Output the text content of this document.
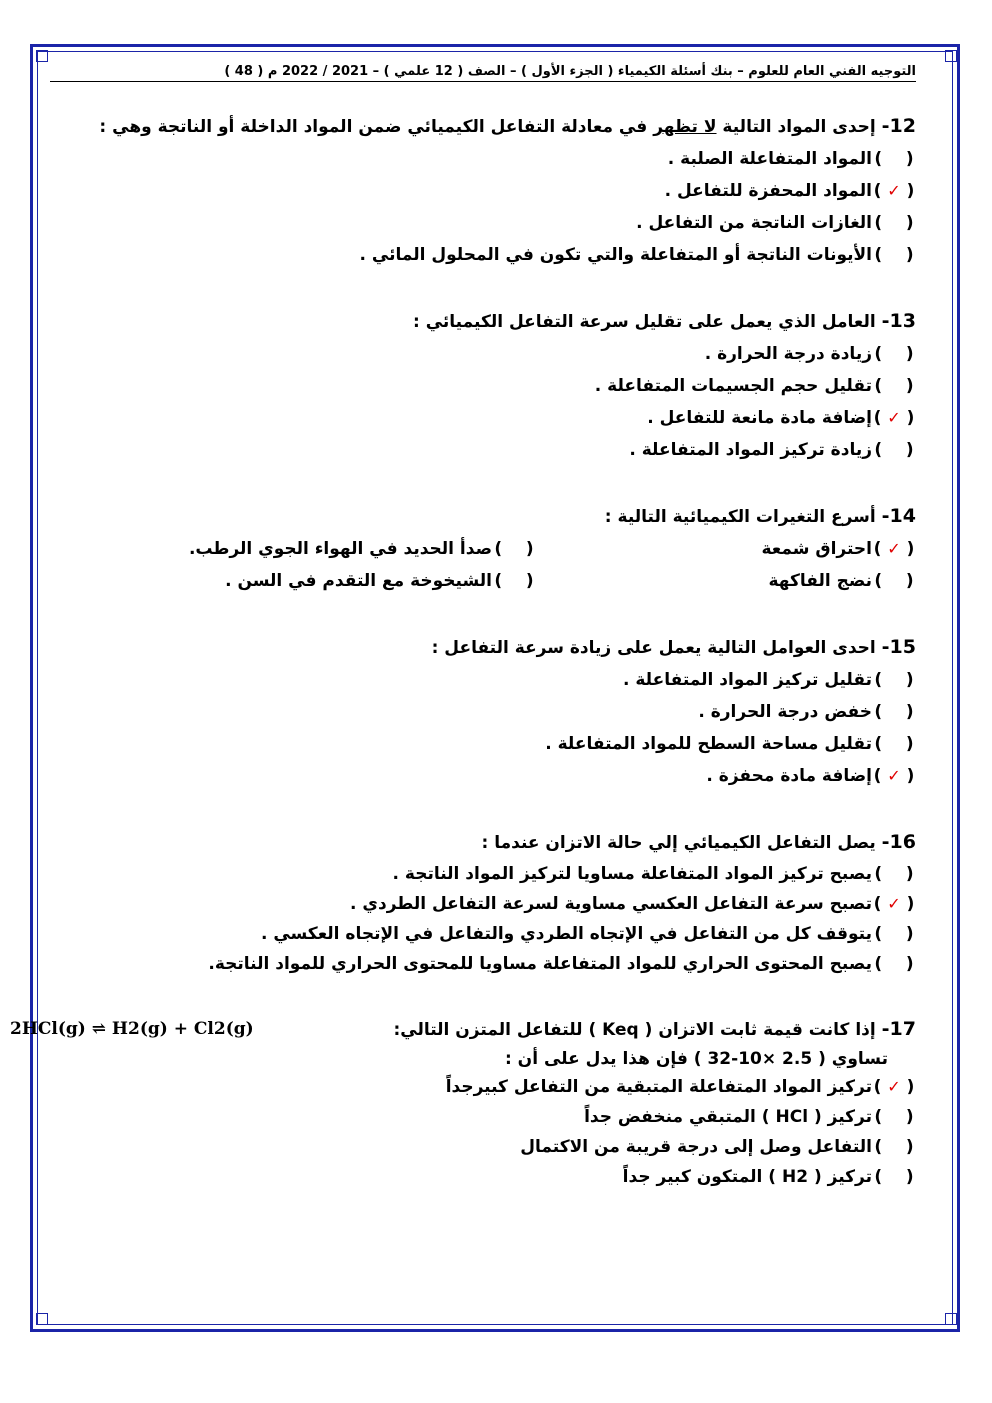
التوجيه الفني العام للعلوم – بنك أسئلة الكيمياء ( الجزء الأول ) – الصف ( 12 علمي ) – 2021 / 2022 م ( 48 )
12- إحدى المواد التالية لا تظهر في معادلة التفاعل الكيميائي ضمن المواد الداخلة أو الناتجة وهي :
(    )المواد المتفاعلة الصلبة .
( ✓ )المواد المحفزة للتفاعل .
(    )الغازات الناتجة من التفاعل .
(    )الأيونات الناتجة أو المتفاعلة والتي تكون في المحلول المائي .
13- العامل الذي يعمل على تقليل سرعة التفاعل الكيميائي :
(    )زيادة درجة الحرارة .
(    )تقليل حجم الجسيمات المتفاعلة .
( ✓ )إضافة مادة مانعة للتفاعل .
(    )زيادة تركيز المواد المتفاعلة .
14- أسرع التغيرات الكيميائية التالية :
( ✓ )احتراق شمعة
(    )صدأ الحديد في الهواء الجوي الرطب.
(    )نضج الفاكهة
(    )الشيخوخة مع التقدم في السن .
15- احدى العوامل التالية يعمل على زيادة سرعة التفاعل :
(    )تقليل تركيز المواد المتفاعلة .
(    )خفض درجة الحرارة .
(    )تقليل مساحة السطح للمواد المتفاعلة .
( ✓ )إضافة مادة محفزة .
16- يصل التفاعل الكيميائي إلي حالة الاتزان عندما :
(    )يصبح تركيز المواد المتفاعلة مساويا لتركيز المواد الناتجة .
( ✓ )تصبح سرعة التفاعل العكسي مساوية لسرعة التفاعل الطردي .
(    )يتوقف كل من التفاعل في الإتجاه الطردي والتفاعل في الإتجاه العكسي .
(    )يصبح المحتوى الحراري للمواد المتفاعلة مساويا للمحتوى الحراري للمواد الناتجة.
17- إذا كانت قيمة ثابت الاتزان ( Keq ) للتفاعل المتزن التالي:
2HCl(g) ⇌ H2(g) + Cl2(g)
تساوي ( 2.5 ×10-32 ) فإن هذا يدل على أن :
( ✓ )تركيز المواد المتفاعلة المتبقية من التفاعل كبيرجداً
(    )تركيز ( HCl ) المتبقي منخفض جداً
(    )التفاعل وصل إلى درجة قريبة من الاكتمال
(    )تركيز ( H2 ) المتكون كبير جداً
